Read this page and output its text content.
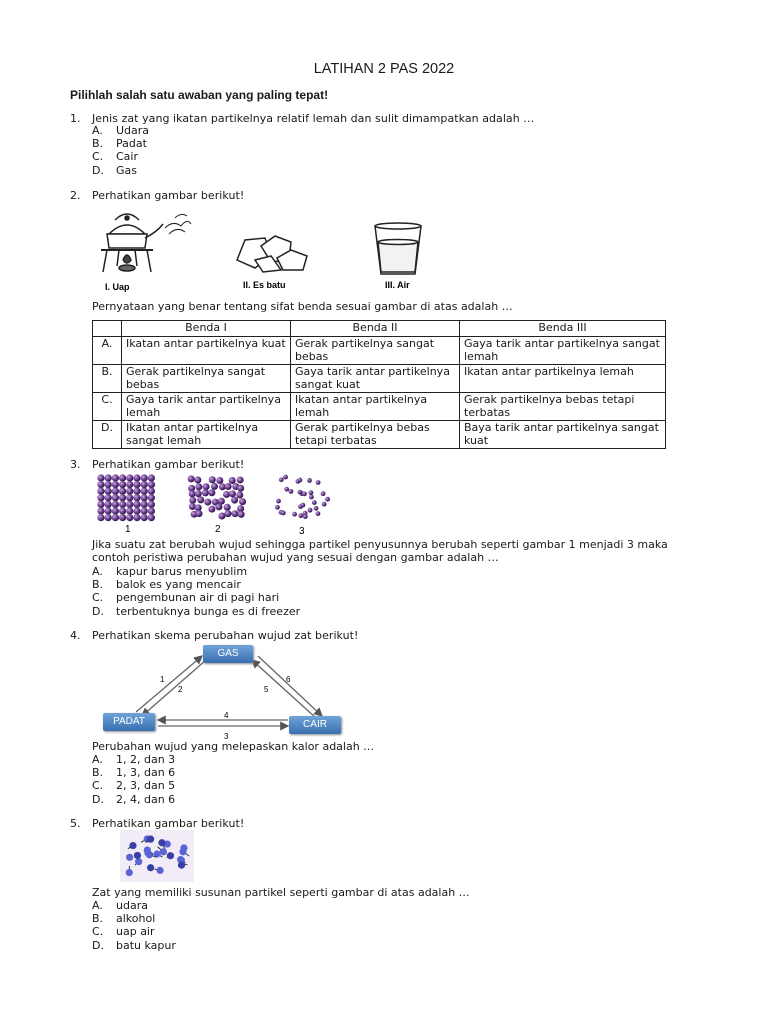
LATIHAN 2 PAS 2022
Pilihlah salah satu awaban yang paling tepat!
1. Jenis zat yang ikatan partikelnya relatif lemah dan sulit dimampatkan adalah …
A. Udara
B. Padat
C. Cair
D. Gas
2. Perhatikan gambar berikut!
I. Uap	II. Es batu	III. Air
Pernyataan yang benar tentang sifat benda sesuai gambar di atas adalah …
	Benda I	Benda II	Benda III
A.	Ikatan antar partikelnya kuat	Gerak partikelnya sangat bebas	Gaya tarik antar partikelnya sangat lemah
B.	Gerak partikelnya sangat bebas	Gaya tarik antar partikelnya sangat kuat	Ikatan antar partikelnya lemah
C.	Gaya tarik antar partikelnya lemah	Ikatan antar partikelnya lemah	Gerak partikelnya bebas tetapi terbatas
D.	Ikatan antar partikelnya sangat lemah	Gerak partikelnya bebas tetapi terbatas	Baya tarik antar partikelnya sangat kuat
3. Perhatikan gambar berikut!
1	2	3
Jika suatu zat berubah wujud sehingga partikel penyusunnya berubah seperti gambar 1 menjadi 3 maka
contoh peristiwa perubahan wujud yang sesuai dengan gambar adalah …
A. kapur barus menyublim
B. balok es yang mencair
C. pengembunan air di pagi hari
D. terbentuknya bunga es di freezer
4. Perhatikan skema perubahan wujud zat berikut!
1
2
3
4
5
6
GAS
PADAT	CAIR
Perubahan wujud yang melepaskan kalor adalah …
A. 1, 2, dan 3
B. 1, 3, dan 6
C. 2, 3, dan 5
D. 2, 4, dan 6
5. Perhatikan gambar berikut!
Zat yang memiliki susunan partikel seperti gambar di atas adalah …
A. udara
B. alkohol
C. uap air
D. batu kapur
